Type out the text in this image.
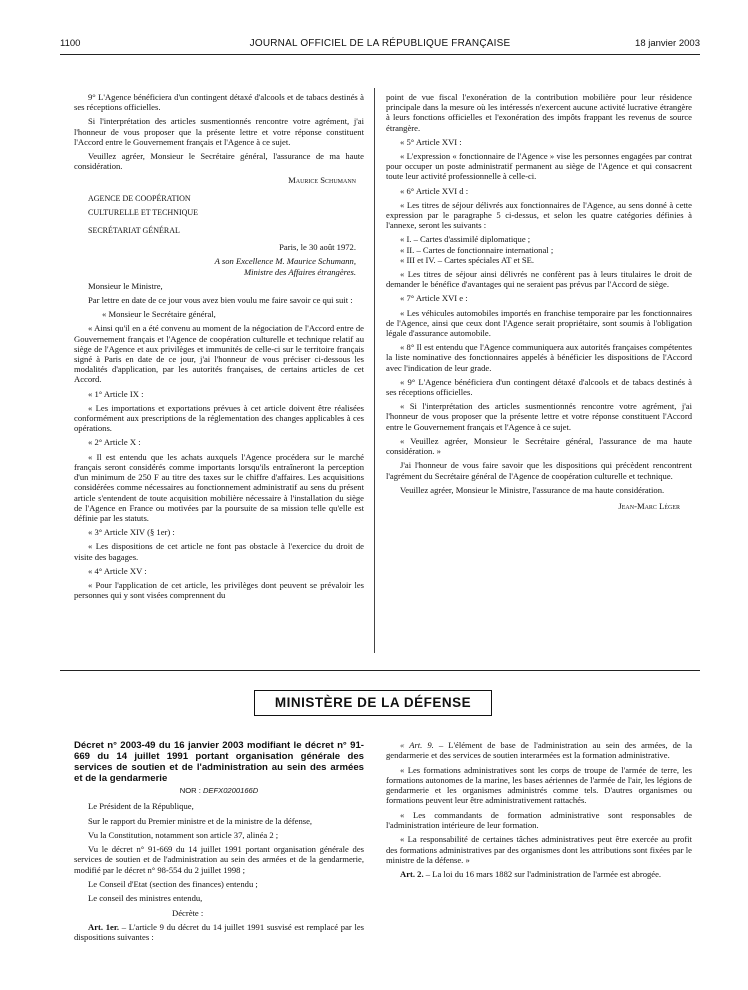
1100	JOURNAL OFFICIEL DE LA RÉPUBLIQUE FRANÇAISE	18 janvier 2003

9° L'Agence bénéficiera d'un contingent détaxé d'alcools et de tabacs destinés à ses réceptions officielles.

Si l'interprétation des articles susmentionnés rencontre votre agrément, j'ai l'honneur de vous proposer que la présente lettre et votre réponse constituent l'Accord entre le Gouvernement français et l'Agence à ce sujet.

Veuillez agréer, Monsieur le Secrétaire général, l'assurance de ma haute considération.

Maurice Schumann

AGENCE DE COOPÉRATION

CULTURELLE ET TECHNIQUE

SECRÉTARIAT GÉNÉRAL

Paris, le 30 août 1972.

A son Excellence M. Maurice Schumann,

Ministre des Affaires étrangères.

Monsieur le Ministre,

Par lettre en date de ce jour vous avez bien voulu me faire savoir ce qui suit :

« Monsieur le Secrétaire général,

« Ainsi qu'il en a été convenu au moment de la négociation de l'Accord entre de Gouvernement français et l'Agence de coopération culturelle et technique relatif au siège de l'Agence et aux privilèges et immunités de celle-ci sur le territoire français signé à Paris en date de ce jour, j'ai l'honneur de vous préciser ci-dessous les modalités d'application, par les autorités françaises, de certains articles de cet Accord.

« 1° Article IX :

« Les importations et exportations prévues à cet article doivent être réalisées conformément aux prescriptions de la réglementation des changes applicables à ces opérations.

« 2° Article X :

« Il est entendu que les achats auxquels l'Agence procédera sur le marché français seront considérés comme importants lorsqu'ils entraîneront la perception d'un minimum de 250 F au titre des taxes sur le chiffre d'affaires. Les acquisitions considérées comme nécessaires au fonctionnement administratif au sens du présent article s'entendent de toute acquisition mobilière nécessaire à l'installation du siège de l'Agence en France ou motivées par la poursuite de sa mission telle qu'elle est définie par les statuts.

« 3° Article XIV (§ 1er) :

« Les dispositions de cet article ne font pas obstacle à l'exercice du droit de visite des bagages.

« 4° Article XV :

« Pour l'application de cet article, les privilèges dont peuvent se prévaloir les personnes qui y sont visées comprennent du

point de vue fiscal l'exonération de la contribution mobilière pour leur résidence principale dans la mesure où les intéressés n'exercent aucune activité lucrative étrangère à leurs fonctions officielles et l'exonération des impôts frappant les revenus de source étrangère.

« 5° Article XVI :

« L'expression « fonctionnaire de l'Agence » vise les personnes engagées par contrat pour occuper un poste administratif permanent au siège de l'Agence et qui consacrent toute leur activité professionnelle à celle-ci.

« 6° Article XVI d :

« Les titres de séjour délivrés aux fonctionnaires de l'Agence, au sens donné à cette expression par le paragraphe 5 ci-dessus, et selon les quatre catégories définies à l'annexe, seront les suivants :

« I. – Cartes d'assimilé diplomatique ;

« II. – Cartes de fonctionnaire international ;

« III et IV. – Cartes spéciales AT et SE.

« Les titres de séjour ainsi délivrés ne confèrent pas à leurs titulaires le droit de demander le bénéfice d'avantages qui ne seraient pas prévus par l'Accord de siège.

« 7° Article XVI e :

« Les véhicules automobiles importés en franchise temporaire par les fonctionnaires de l'Agence, ainsi que ceux dont l'Agence serait propriétaire, sont soumis à l'obligation légale d'assurance automobile.

« 8° Il est entendu que l'Agence communiquera aux autorités françaises compétentes la liste nominative des fonctionnaires appelés à bénéficier les dispositions de l'Accord avec l'indication de leur grade.

« 9° L'Agence bénéficiera d'un contingent détaxé d'alcools et de tabacs destinés à ses réceptions officielles.

« Si l'interprétation des articles susmentionnés rencontre votre agrément, j'ai l'honneur de vous proposer que la présente lettre et votre réponse constituent l'Accord entre le Gouvernement français et l'Agence à ce sujet.

« Veuillez agréer, Monsieur le Secrétaire général, l'assurance de ma haute considération. »

J'ai l'honneur de vous faire savoir que les dispositions qui précèdent rencontrent l'agrément du Secrétaire général de l'Agence de coopération culturelle et technique.

Veuillez agréer, Monsieur le Ministre, l'assurance de ma haute considération.

Jean-Marc Léger

MINISTÈRE DE LA DÉFENSE

Décret n° 2003-49 du 16 janvier 2003 modifiant le décret n° 91-669 du 14 juillet 1991 portant organisation générale des services de soutien et de l'administration au sein des armées et de la gendarmerie

NOR : DEFX0200166D

Le Président de la République,

Sur le rapport du Premier ministre et de la ministre de la défense,

Vu la Constitution, notamment son article 37, alinéa 2 ;

Vu le décret n° 91-669 du 14 juillet 1991 portant organisation générale des services de soutien et de l'administration au sein des armées et de la gendarmerie, modifié par le décret n° 98-554 du 2 juillet 1998 ;

Le Conseil d'Etat (section des finances) entendu ;

Le conseil des ministres entendu,

Décrète :

Art. 1er. – L'article 9 du décret du 14 juillet 1991 susvisé est remplacé par les dispositions suivantes :

« Art. 9. – L'élément de base de l'administration au sein des armées, de la gendarmerie et des services de soutien interarmées est la formation administrative.

« Les formations administratives sont les corps de troupe de l'armée de terre, les formations autonomes de la marine, les bases aériennes de l'armée de l'air, les légions de gendarmerie et les organismes administrés comme tels. D'autres organismes ou formations peuvent leur être administrativement rattachés.

« Les commandants de formation administrative sont responsables de l'administration intérieure de leur formation.

« La responsabilité de certaines tâches administratives peut être exercée au profit des formations administratives par des organismes dont les attributions sont fixées par le ministre de la défense. »

Art. 2. – La loi du 16 mars 1882 sur l'administration de l'armée est abrogée.
